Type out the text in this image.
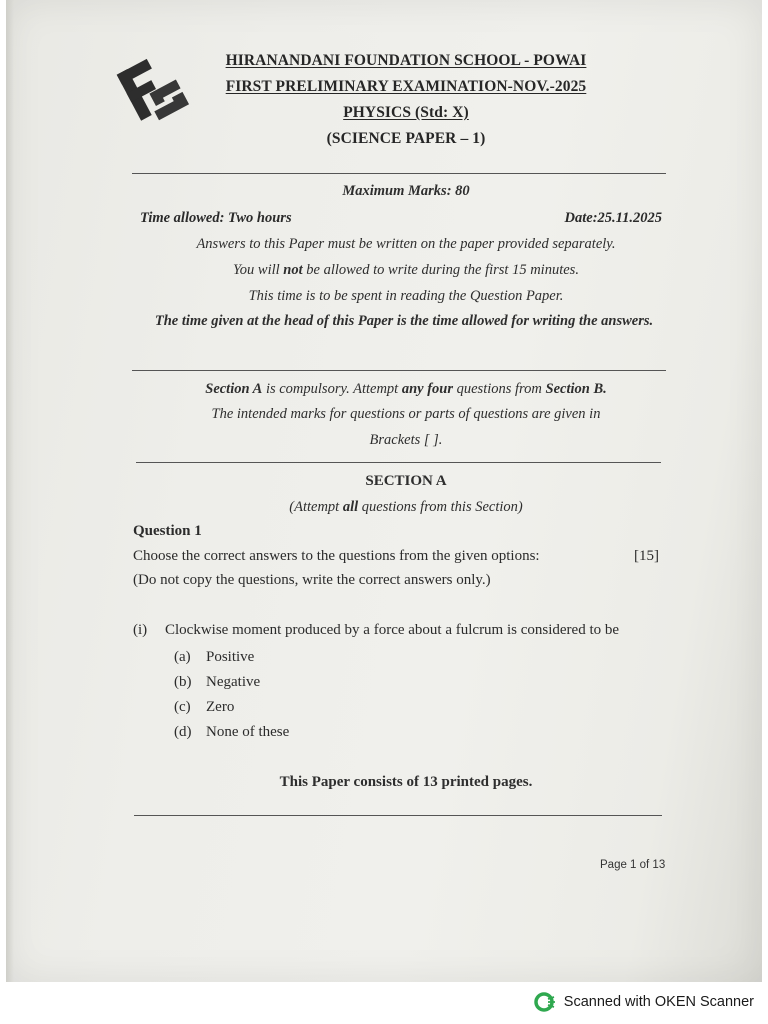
HIRANANDANI FOUNDATION SCHOOL - POWAI
FIRST PRELIMINARY EXAMINATION-NOV.-2025
PHYSICS (Std: X)
(SCIENCE PAPER – 1)
Maximum Marks: 80
Time allowed: Two hours	Date:25.11.2025
Answers to this Paper must be written on the paper provided separately.
You will not be allowed to write during the first 15 minutes.
This time is to be spent in reading the Question Paper.
The time given at the head of this Paper is the time allowed for writing the answers.
Section A is compulsory. Attempt any four questions from Section B.
The intended marks for questions or parts of questions are given in
Brackets [ ].
SECTION A
(Attempt all questions from this Section)
Question 1
Choose the correct answers to the questions from the given options:	[15]
(Do not copy the questions, write the correct answers only.)
(i) Clockwise moment produced by a force about a fulcrum is considered to be
(a) Positive
(b) Negative
(c) Zero
(d) None of these
This Paper consists of 13 printed pages.
Page 1 of 13
Scanned with OKEN Scanner
